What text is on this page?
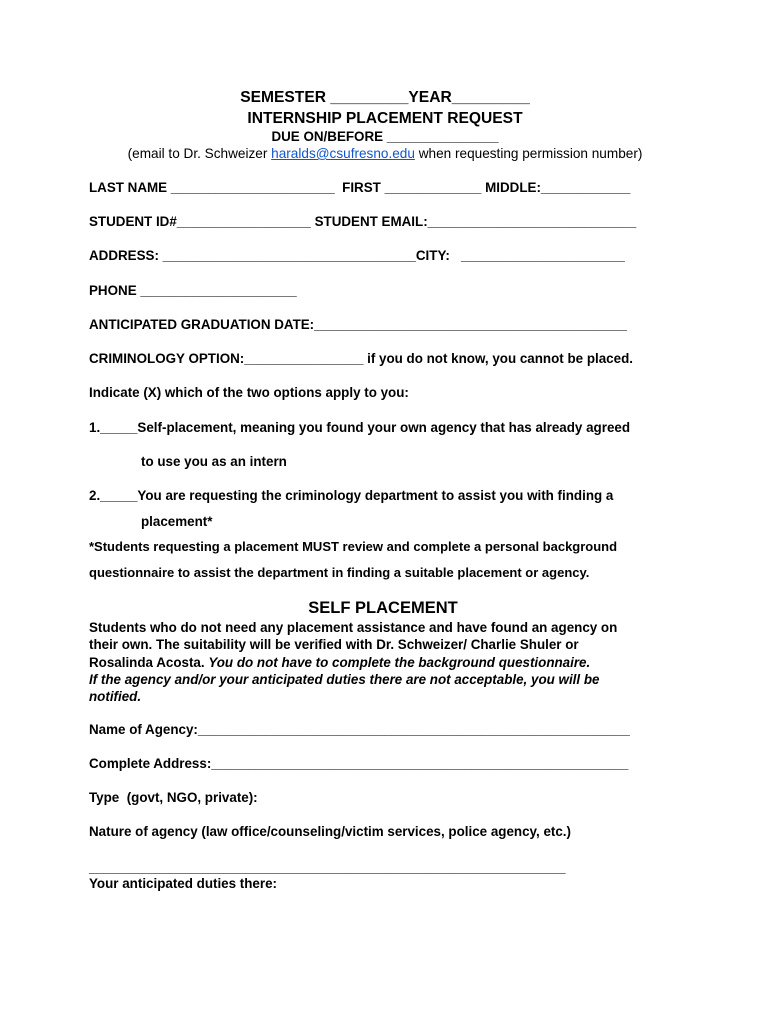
SEMESTER _________YEAR_________
INTERNSHIP PLACEMENT REQUEST
DUE ON/BEFORE _______________
(email to Dr. Schweizer haralds@csufresno.edu when requesting permission number)
LAST NAME ______________________ FIRST _____________ MIDDLE:____________
STUDENT ID#__________________ STUDENT EMAIL:____________________________
ADDRESS: __________________________________CITY: ______________________
PHONE _____________________
ANTICIPATED GRADUATION DATE:__________________________________________
CRIMINOLOGY OPTION:________________ if you do not know, you cannot be placed.
Indicate (X) which of the two options apply to you:
1._____Self-placement, meaning you found your own agency that has already agreed
to use you as an intern
2._____You are requesting the criminology department to assist you with finding a
placement*
*Students requesting a placement MUST review and complete a personal background
questionnaire to assist the department in finding a suitable placement or agency.
SELF PLACEMENT

Students who do not need any placement assistance and have found an agency on

their own. The suitability will be verified with Dr. Schweizer/ Charlie Shuler or

Rosalinda Acosta. You do not have to complete the background questionnaire.

If the agency and/or your anticipated duties there are not acceptable, you will be

notified.

Name of Agency:__________________________________________________________
Complete Address:________________________________________________________
Type  (govt, NGO, private):
Nature of agency (law office/counseling/victim services, police agency, etc.)
________________________________________________________________
Your anticipated duties there:
